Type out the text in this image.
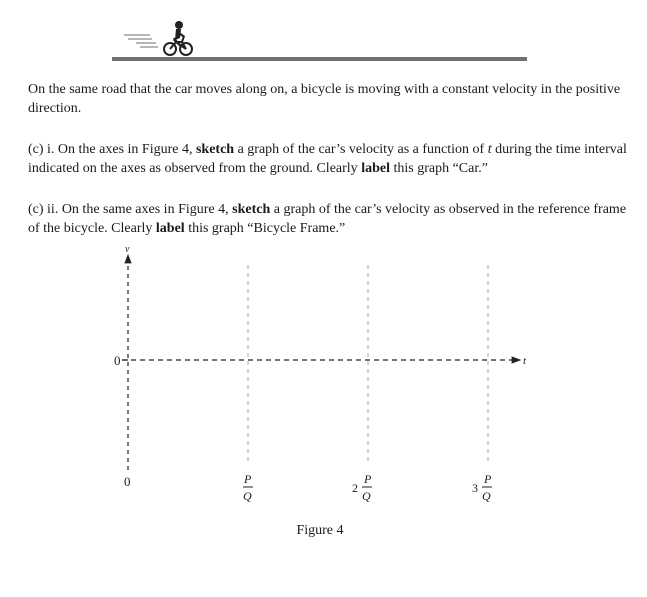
On the same road that the car moves along on, a bicycle is moving with a constant velocity in the positive direction.

(c) i. On the axes in Figure 4, sketch a graph of the car’s velocity as a function of t during the time interval indicated on the axes as observed from the ground. Clearly label this graph “Car.”

(c) ii. On the same axes in Figure 4, sketch a graph of the car’s velocity as observed in the reference frame of the bicycle. Clearly label this graph “Bicycle Frame.”

v
t
0
0	P
Q
2
P
Q
3
P
Q
Figure 4
